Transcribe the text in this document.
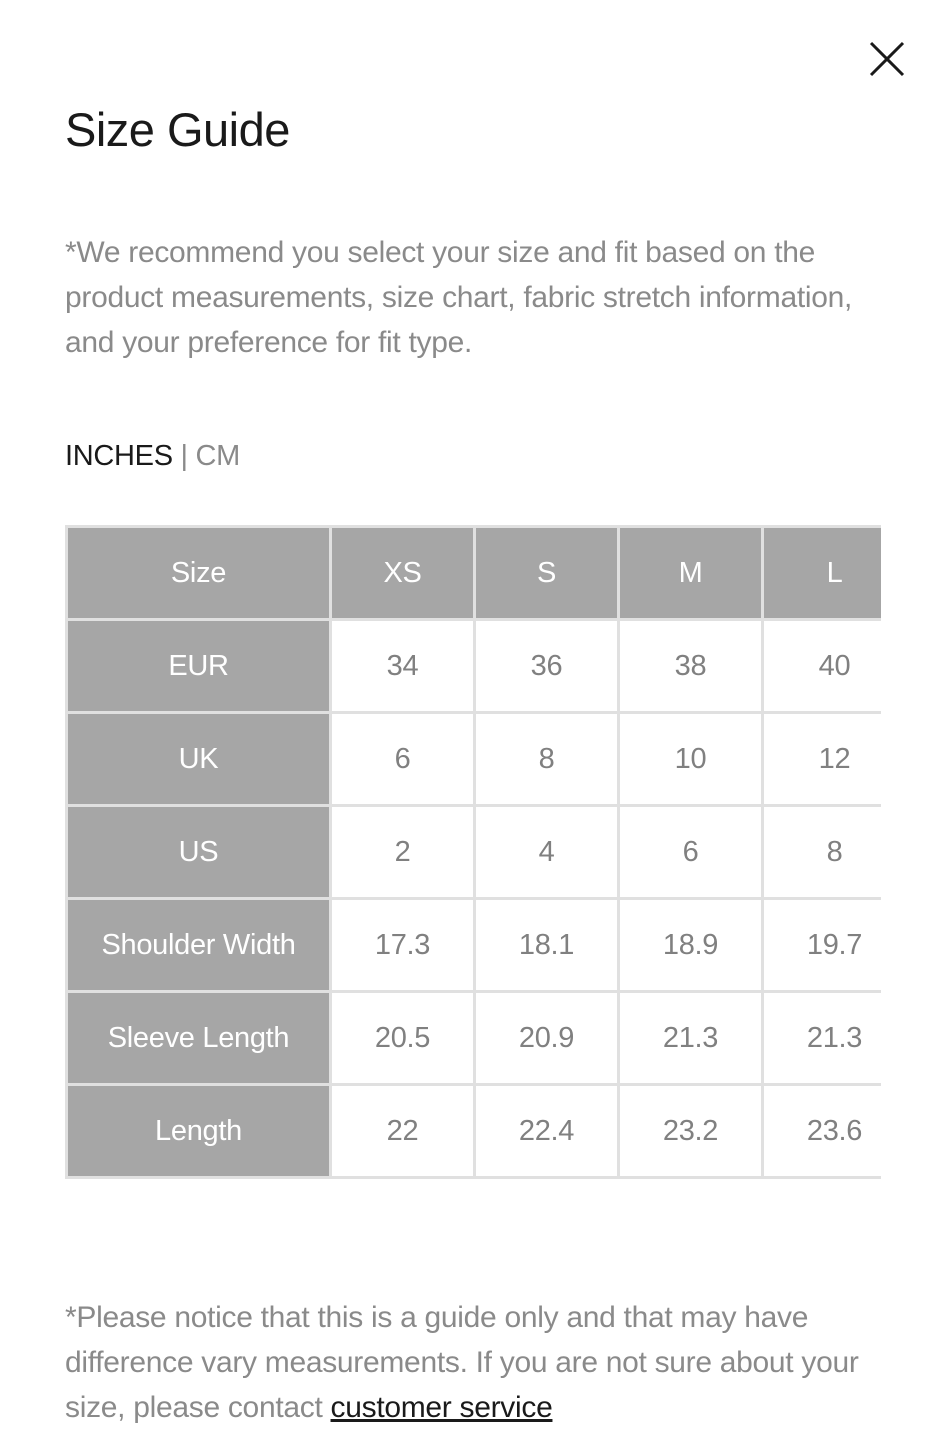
Size Guide

*We recommend you select your size and fit based on the product measurements, size chart, fabric stretch information, and your preference for fit type.

INCHES | CM
Size	XS	S	M	L
EUR	34	36	38	40
UK	6	8	10	12
US	2	4	6	8
Shoulder Width	17.3	18.1	18.9	19.7
Sleeve Length	20.5	20.9	21.3	21.3
Length	22	22.4	23.2	23.6

*Please notice that this is a guide only and that may have difference vary measurements. If you are not sure about your size, please contact customer service
